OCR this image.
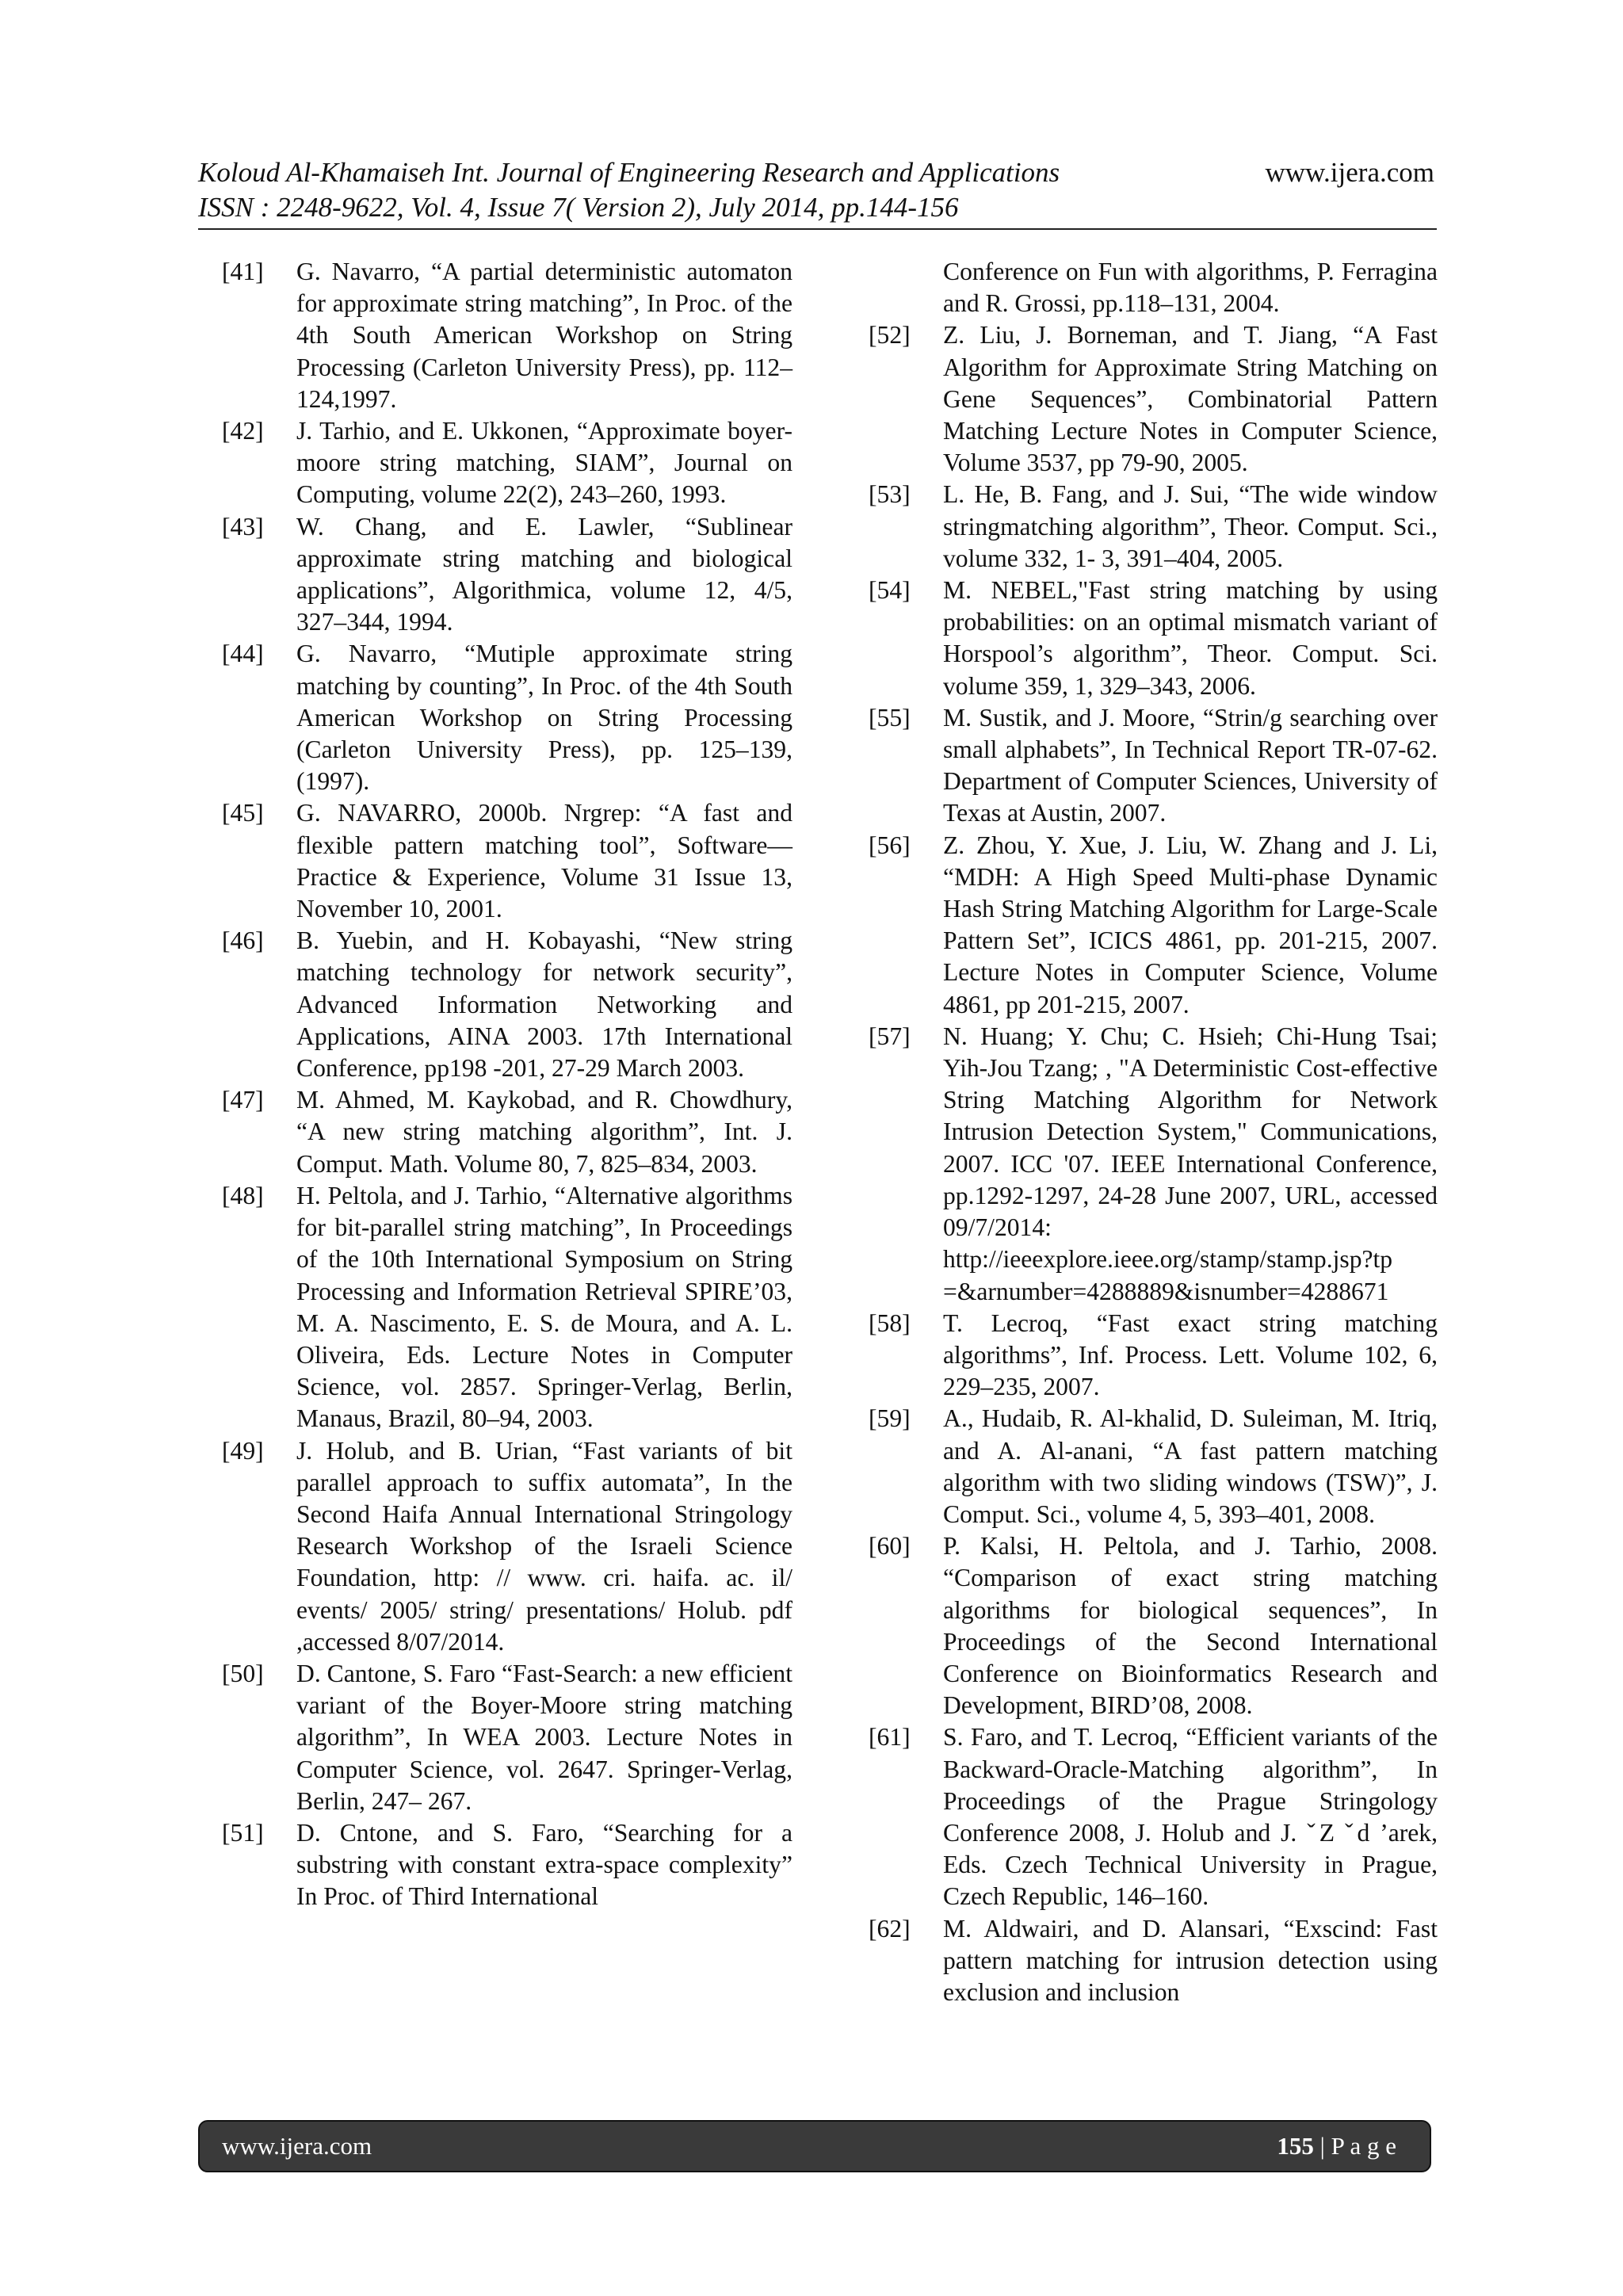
Koloud Al-Khamaiseh Int. Journal of Engineering Research and Applications	www.ijera.com
ISSN : 2248-9622, Vol. 4, Issue 7( Version 2), July 2014, pp.144-156
[41]	G. Navarro, “A partial deterministic automaton for approximate string matching”, In Proc. of the 4th South American Workshop on String Processing (Carleton University Press), pp. 112–124,1997.
[42]	J. Tarhio, and E. Ukkonen, “Approximate boyer-moore string matching, SIAM”, Journal on Computing, volume 22(2), 243–260, 1993.
[43]	W. Chang, and E. Lawler, “Sublinear approximate string matching and biological applications”, Algorithmica, volume 12, 4/5, 327–344, 1994.
[44]	G. Navarro, “Mutiple approximate string matching by counting”, In Proc. of the 4th South American Workshop on String Processing (Carleton University Press), pp. 125–139, (1997).
[45]	G. NAVARRO, 2000b. Nrgrep: “A fast and flexible pattern matching tool”, Software—Practice & Experience, Volume 31 Issue 13, November 10, 2001.
[46]	B. Yuebin, and H. Kobayashi, “New string matching technology for network security”, Advanced Information Networking and Applications, AINA 2003. 17th International Conference, pp198 -201, 27-29 March 2003.
[47]	M. Ahmed, M. Kaykobad, and R. Chowdhury, “A new string matching algorithm”, Int. J. Comput. Math. Volume 80, 7, 825–834, 2003.
[48]	H. Peltola, and J. Tarhio, “Alternative algorithms for bit-parallel string matching”, In Proceedings of the 10th International Symposium on String Processing and Information Retrieval SPIRE’03, M. A. Nascimento, E. S. de Moura, and A. L. Oliveira, Eds. Lecture Notes in Computer Science, vol. 2857. Springer-Verlag, Berlin, Manaus, Brazil, 80–94, 2003.
[49]	J. Holub, and B. Urian, “Fast variants of bit parallel approach to suffix automata”, In the Second Haifa Annual International Stringology Research Workshop of the Israeli Science Foundation, http: // www. cri. haifa. ac. il/ events/ 2005/ string/ presentations/ Holub. pdf ,accessed 8/07/2014.
[50]	D. Cantone, S. Faro “Fast-Search: a new efficient variant of the Boyer-Moore string matching algorithm”, In WEA 2003. Lecture Notes in Computer Science, vol. 2647. Springer-Verlag, Berlin, 247– 267.
[51]	D. Cntone, and S. Faro, “Searching for a substring with constant extra-space complexity” In Proc. of Third International
Conference on Fun with algorithms, P. Ferragina and R. Grossi, pp.118–131, 2004.
[52]	Z. Liu, J. Borneman, and T. Jiang, “A Fast Algorithm for Approximate String Matching on Gene Sequences”, Combinatorial Pattern Matching Lecture Notes in Computer Science, Volume 3537, pp 79-90, 2005.
[53]	L. He, B. Fang, and J. Sui, “The wide window stringmatching algorithm”, Theor. Comput. Sci., volume 332, 1- 3, 391–404, 2005.
[54]	M. NEBEL,"Fast string matching by using probabilities: on an optimal mismatch variant of Horspool’s algorithm”, Theor. Comput. Sci. volume 359, 1, 329–343, 2006.
[55]	M. Sustik, and J. Moore, “Strin/g searching over small alphabets”, In Technical Report TR-07-62. Department of Computer Sciences, University of Texas at Austin, 2007.
[56]	Z. Zhou, Y. Xue, J. Liu, W. Zhang and J. Li, “MDH: A High Speed Multi-phase Dynamic Hash String Matching Algorithm for Large-Scale Pattern Set”, ICICS 4861, pp. 201-215, 2007. Lecture Notes in Computer Science, Volume 4861, pp 201-215, 2007.
[57]	N. Huang; Y. Chu; C. Hsieh; Chi-Hung Tsai; Yih-Jou Tzang; , "A Deterministic Cost-effective String Matching Algorithm for Network Intrusion Detection System," Communications, 2007. ICC '07. IEEE International Conference, pp.1292-1297, 24-28 June 2007, URL, accessed 09/7/2014: http://ieeexplore.ieee.org/stamp/stamp.jsp?tp =&arnumber=4288889&isnumber=4288671
[58]	T. Lecroq, “Fast exact string matching algorithms”, Inf. Process. Lett. Volume 102, 6, 229–235, 2007.
[59]	A., Hudaib, R. Al-khalid, D. Suleiman, M. Itriq, and A. Al-anani, “A fast pattern matching algorithm with two sliding windows (TSW)”, J. Comput. Sci., volume 4, 5, 393–401, 2008.
[60]	P. Kalsi, H. Peltola, and J. Tarhio, 2008. “Comparison of exact string matching algorithms for biological sequences”, In Proceedings of the Second International Conference on Bioinformatics Research and Development, BIRD’08, 2008.
[61]	S. Faro, and T. Lecroq, “Efficient variants of the Backward-Oracle-Matching algorithm”, In Proceedings of the Prague Stringology Conference 2008, J. Holub and J. ˇZ ˇd ’arek, Eds. Czech Technical University in Prague, Czech Republic, 146–160.
[62]	M. Aldwairi, and D. Alansari, “Exscind: Fast pattern matching for intrusion detection using exclusion and inclusion
www.ijera.com	155 | P a g e
